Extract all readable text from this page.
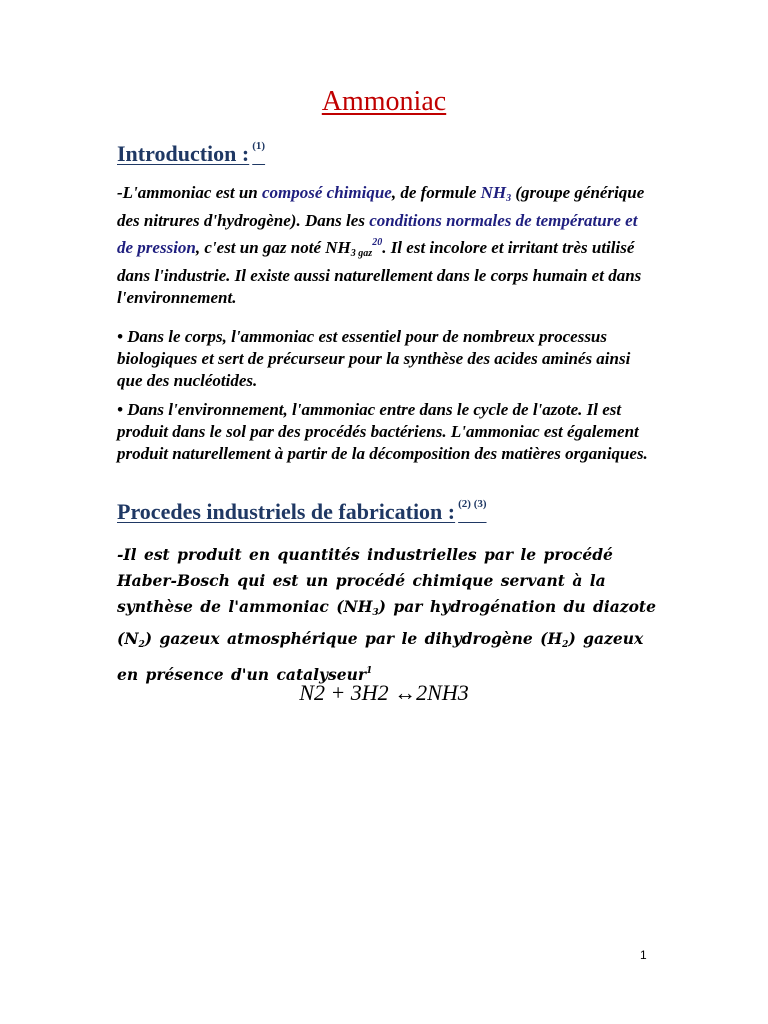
Ammoniac
Introduction : $^{(1)}$
-L'ammoniac est un composé chimique, de formule $NH_3$ (groupe générique des nitrures d'hydrogène). Dans les conditions normales de température et de pression, c'est un gaz noté $NH_{3 gaz}^{20}$. Il est incolore et irritant très utilisé dans l'industrie. Il existe aussi naturellement dans le corps humain et dans l'environnement.
• Dans le corps, l'ammoniac est essentiel pour de nombreux processus biologiques et sert de précurseur pour la synthèse des acides aminés ainsi que des nucléotides.
• Dans l'environnement, l'ammoniac entre dans le cycle de l'azote. Il est produit dans le sol par des procédés bactériens. L'ammoniac est également produit naturellement à partir de la décomposition des matières organiques.
Procedes industriels de fabrication : $^{(2) (3)}$
-Il est produit en quantités industrielles par le procédé Haber-Bosch qui est un procédé chimique servant à la synthèse de l'ammoniac $(NH_3)$ par hydrogénation du diazote $(N_2)$ gazeux atmosphérique par le dihydrogène $(H_2)$ gazeux en présence d'un catalyseur$^1$
N2 + 3H2 ↔2NH3
1
